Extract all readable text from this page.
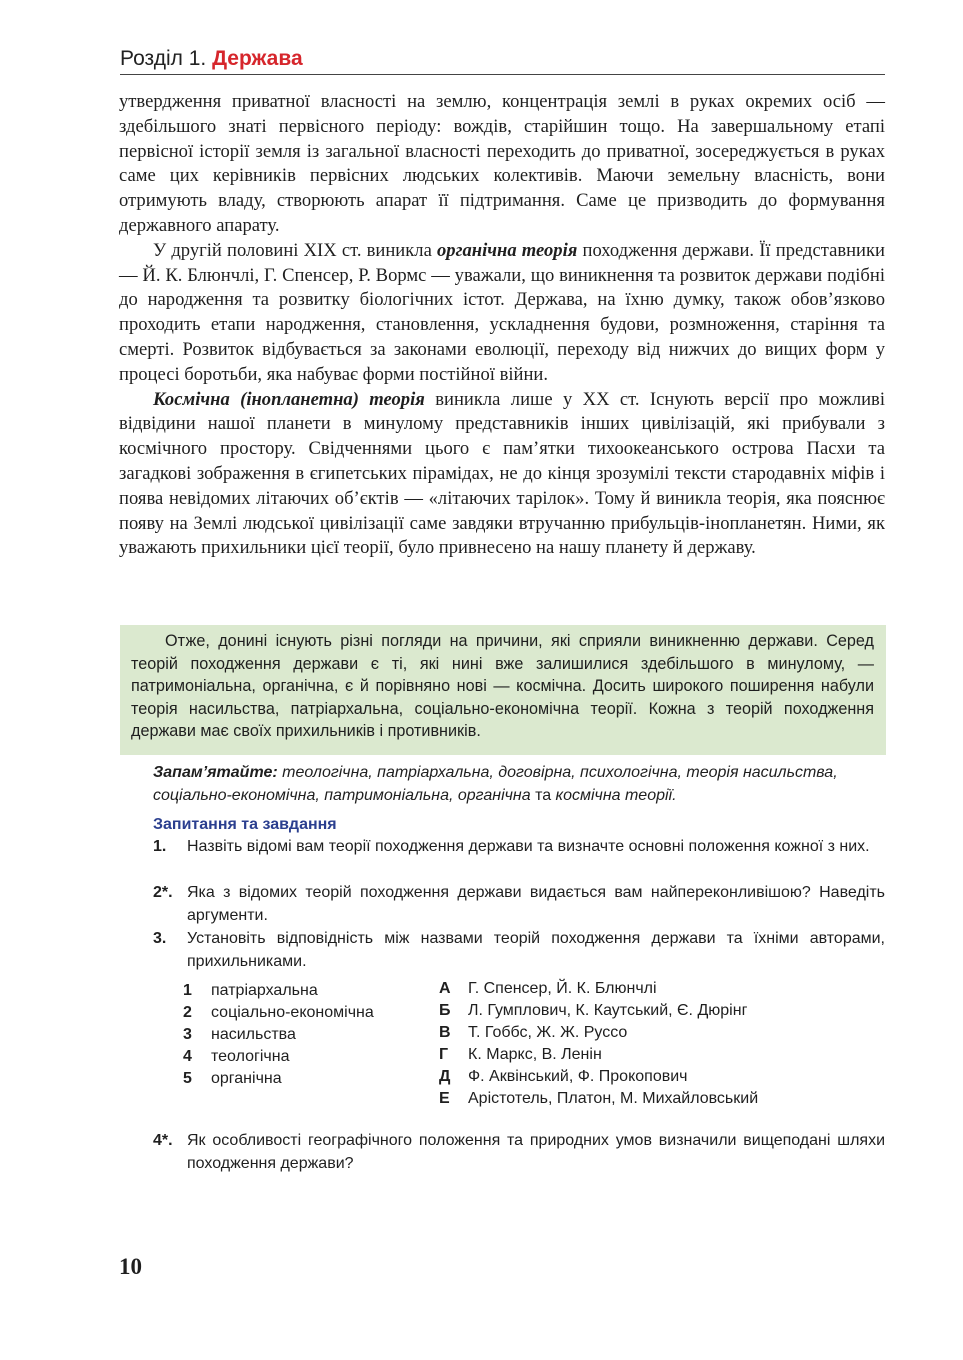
Розділ 1. Держава

утвердження приватної власності на землю, концентрація землі в руках окремих осіб — здебільшого знаті первісного періоду: вождів, старійшин тощо. На завершальному етапі первісної історії земля із загальної власності переходить до приватної, зосереджується в руках саме цих керівників первісних людських колективів. Маючи земельну власність, вони отримують владу, створюють апарат її підтримання. Саме це призводить до формування державного апарату.

У другій половині XIX ст. виникла органічна теорія походження держави. Її представники — Й. К. Блюнчлі, Г. Спенсер, Р. Вормс — уважали, що виникнення та розвиток держави подібні до народження та розвитку біологічних істот. Держава, на їхню думку, також обов’язково проходить етапи народження, становлення, ускладнення будови, розмноження, старіння та смерті. Розвиток відбувається за законами еволюції, переходу від нижчих до вищих форм у процесі боротьби, яка набуває форми постійної війни.

Космічна (інопланетна) теорія виникла лише у XX ст. Існують версії про можливі відвідини нашої планети в минулому представників інших цивілізацій, які прибували з космічного простору. Свідченнями цього є пам’ятки тихоокеанського острова Пасхи та загадкові зображення в єгипетських пірамідах, не до кінця зрозумілі тексти стародавніх міфів і поява невідомих літаючих об’єктів — «літаючих тарілок». Тому й виникла теорія, яка пояснює появу на Землі людської цивілізації саме завдяки втручанню прибульців-інопланетян. Ними, як уважають прихильники цієї теорії, було привнесено на нашу планету й державу.

Отже, донині існують різні погляди на причини, які сприяли виникненню держави. Серед теорій походження держави є ті, які нині вже залишилися здебільшого в минулому, — патримоніальна, органічна, є й порівняно нові — космічна. Досить широкого поширення набули теорія насильства, патріархальна, соціально-економічна теорії. Кожна з теорій походження держави має своїх прихильників і противників.

Запам’ятайте: теологічна, патріархальна, договірна, психологічна, теорія насильства, соціально-економічна, патримоніальна, органічна та космічна теорії.
Запитання та завдання
1. Назвіть відомі вам теорії походження держави та визначте основні положення кожної з них.
2*. Яка з відомих теорій походження держави видається вам найпереконливішою? Наведіть аргументи.
3. Установіть відповідність між назвами теорій походження держави та їхніми авторами, прихильниками.
1 патріархальна
2 соціально-економічна
3 насильства
4 теологічна
5 органічна
А Г. Спенсер, Й. К. Блюнчлі
Б Л. Гумплович, К. Каутський, Є. Дюрінг
В Т. Гоббс, Ж. Ж. Руссо
Г К. Маркс, В. Ленін
Д Ф. Аквінський, Ф. Прокопович
Е Арістотель, Платон, М. Михайловський
4*. Як особливості географічного положення та природних умов визначили вищеподані шляхи походження держави?
10
